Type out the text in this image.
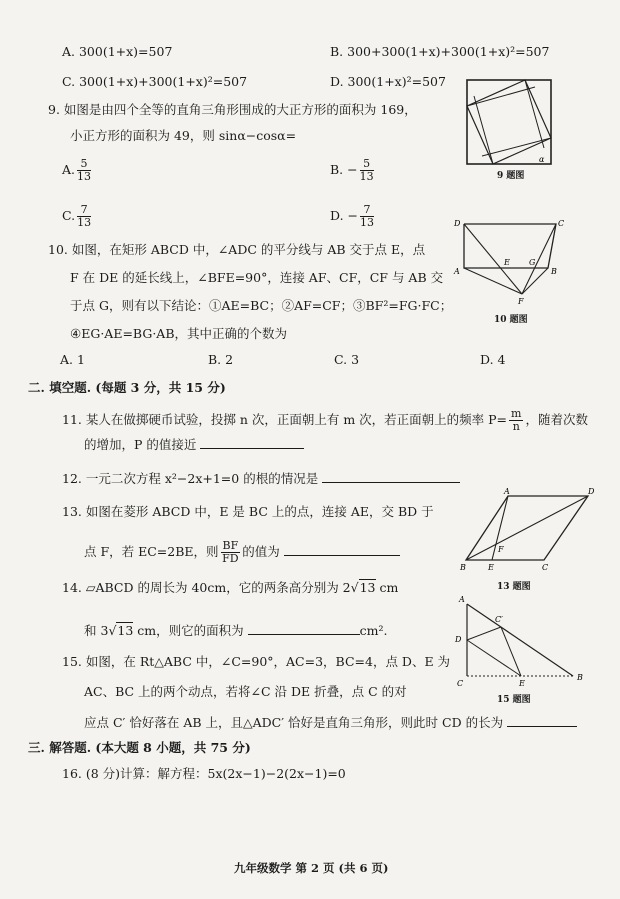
A. 300(1+x)=507	B. 300+300(1+x)+300(1+x)²=507
C. 300(1+x)+300(1+x)²=507	D. 300(1+x)²=507
9. 如图是由四个全等的直角三角形围成的大正方形的面积为 169，
小正方形的面积为 49，则 sinα−cosα=
A. $\frac{5}{13}$	B. − $\frac{5}{13}$
C. $\frac{7}{13}$	D. − $\frac{7}{13}$
α
9 题图
10. 如图，在矩形 ABCD 中，∠ADC 的平分线与 AB 交于点 E，点
F 在 DE 的延长线上，∠BFE=90°，连接 AF、CF，CF 与 AB 交
于点 G，则有以下结论：①AE=BC；②AF=CF；③BF²=FG·FC；
④EG·AE=BG·AB，其中正确的个数为
A. 1	B. 2	C. 3	D. 4
D	C
A
E G
B
F
10 题图
二. 填空题. (每题 3 分，共 15 分)
11. 某人在做掷硬币试验，投掷 n 次，正面朝上有 m 次，若正面朝上的频率 $P= \frac{m}{n}$ ，随着次数
的增加，P 的值接近
12. 一元二次方程 x²−2x+1=0 的根的情况是
13. 如图在菱形 ABCD 中，E 是 BC 上的点，连接 AE，交 BD 于
点 F，若 EC=2BE，则 $\frac{BF}{FD}$ 的值为
A	D
F
B	E	C
13 题图
14. ▱ABCD 的周长为 40cm，它的两条高分别为 2√13 cm
和 3√13 cm，则它的面积为	cm².
A
C′
D
C	E
B
15 题图
15. 如图，在 Rt△ABC 中，∠C=90°，AC=3，BC=4，点 D、E 为
AC、BC 上的两个动点，若将∠C 沿 DE 折叠，点 C 的对
应点 C′ 恰好落在 AB 上，且△ADC′ 恰好是直角三角形，则此时 CD 的长为
三. 解答题. (本大题 8 小题，共 75 分)
16. (8 分)计算：解方程：5x(2x−1)−2(2x−1)=0
九年级数学 第 2 页 (共 6 页)
